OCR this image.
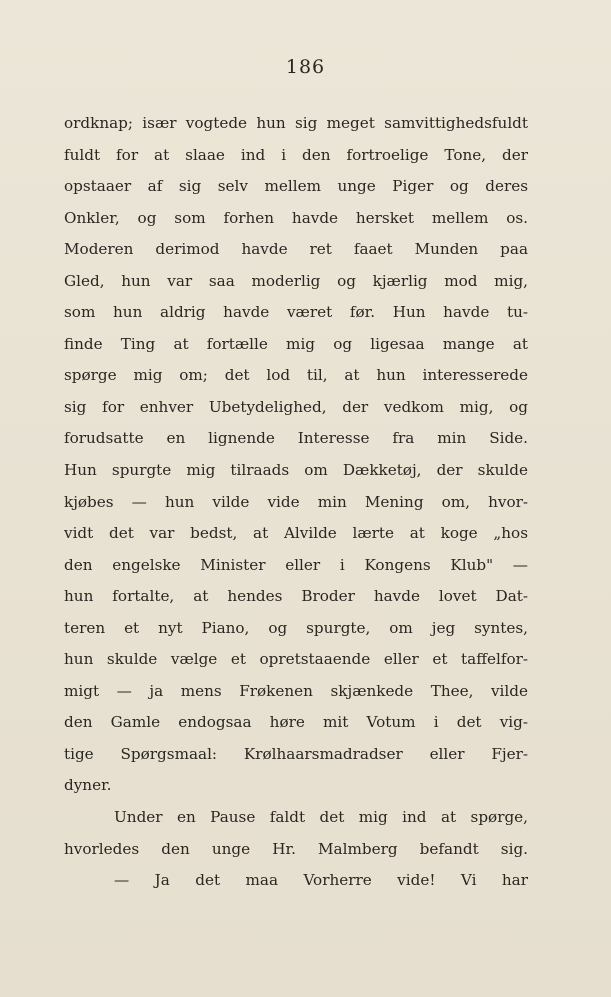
186
ordknap; især vogtede hun sig meget samvittighedsfuldt
fuldt for at slaae ind i den fortroelige Tone, der
opstaaer af sig selv mellem unge Piger og deres
Onkler, og som forhen havde hersket mellem os.
Moderen derimod havde ret faaet Munden paa
Gled, hun var saa moderlig og kjærlig mod mig,
som hun aldrig havde været før. Hun havde tu-
finde Ting at fortælle mig og ligesaa mange at
spørge mig om; det lod til, at hun interesserede
sig for enhver Ubetydelighed, der vedkom mig, og
forudsatte en lignende Interesse fra min Side.
Hun spurgte mig tilraads om Dækketøj, der skulde
kjøbes — hun vilde vide min Mening om, hvor-
vidt det var bedst, at Alvilde lærte at koge „hos
den engelske Minister eller i Kongens Klub" —
hun fortalte, at hendes Broder havde lovet Dat-
teren et nyt Piano, og spurgte, om jeg syntes,
hun skulde vælge et opretstaaende eller et taffelfor-
migt — ja mens Frøkenen skjænkede Thee, vilde
den Gamle endogsaa høre mit Votum i det vig-
tige Spørgsmaal: Krølhaarsmadradser eller Fjer-
dyner.
Under en Pause faldt det mig ind at spørge,
hvorledes den unge Hr. Malmberg befandt sig.
— Ja det maa Vorherre vide! Vi har
